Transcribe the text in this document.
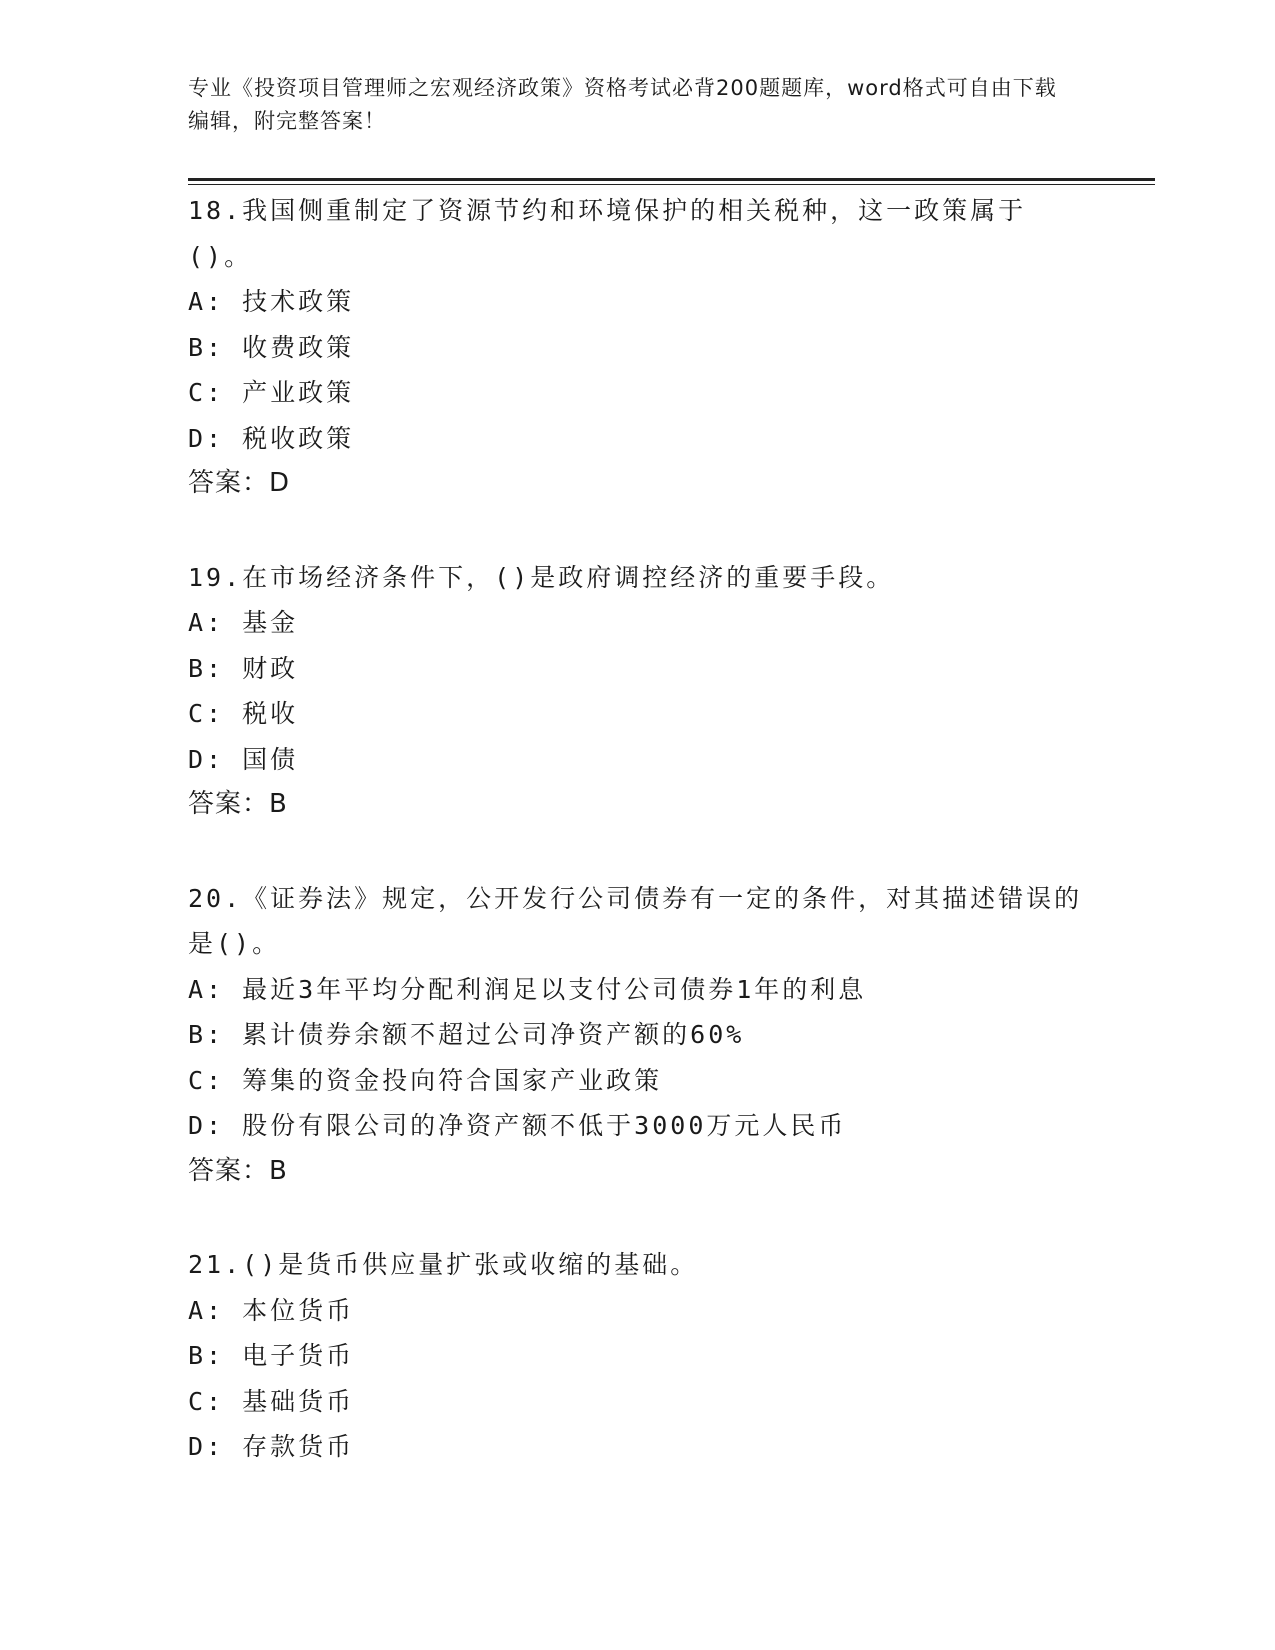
专业《投资项目管理师之宏观经济政策》资格考试必背200题题库，word格式可自由下载编辑，附完整答案！

18.我国侧重制定了资源节约和环境保护的相关税种，这一政策属于()。

A: 技术政策

B: 收费政策

C: 产业政策

D: 税收政策

答案：D

19.在市场经济条件下，()是政府调控经济的重要手段。

A: 基金

B: 财政

C: 税收

D: 国债

答案：B

20.《证券法》规定，公开发行公司债券有一定的条件，对其描述错误的是()。

A: 最近3年平均分配利润足以支付公司债券1年的利息

B: 累计债券余额不超过公司净资产额的60%

C: 筹集的资金投向符合国家产业政策

D: 股份有限公司的净资产额不低于3000万元人民币

答案：B

21.()是货币供应量扩张或收缩的基础。

A: 本位货币

B: 电子货币

C: 基础货币

D: 存款货币
